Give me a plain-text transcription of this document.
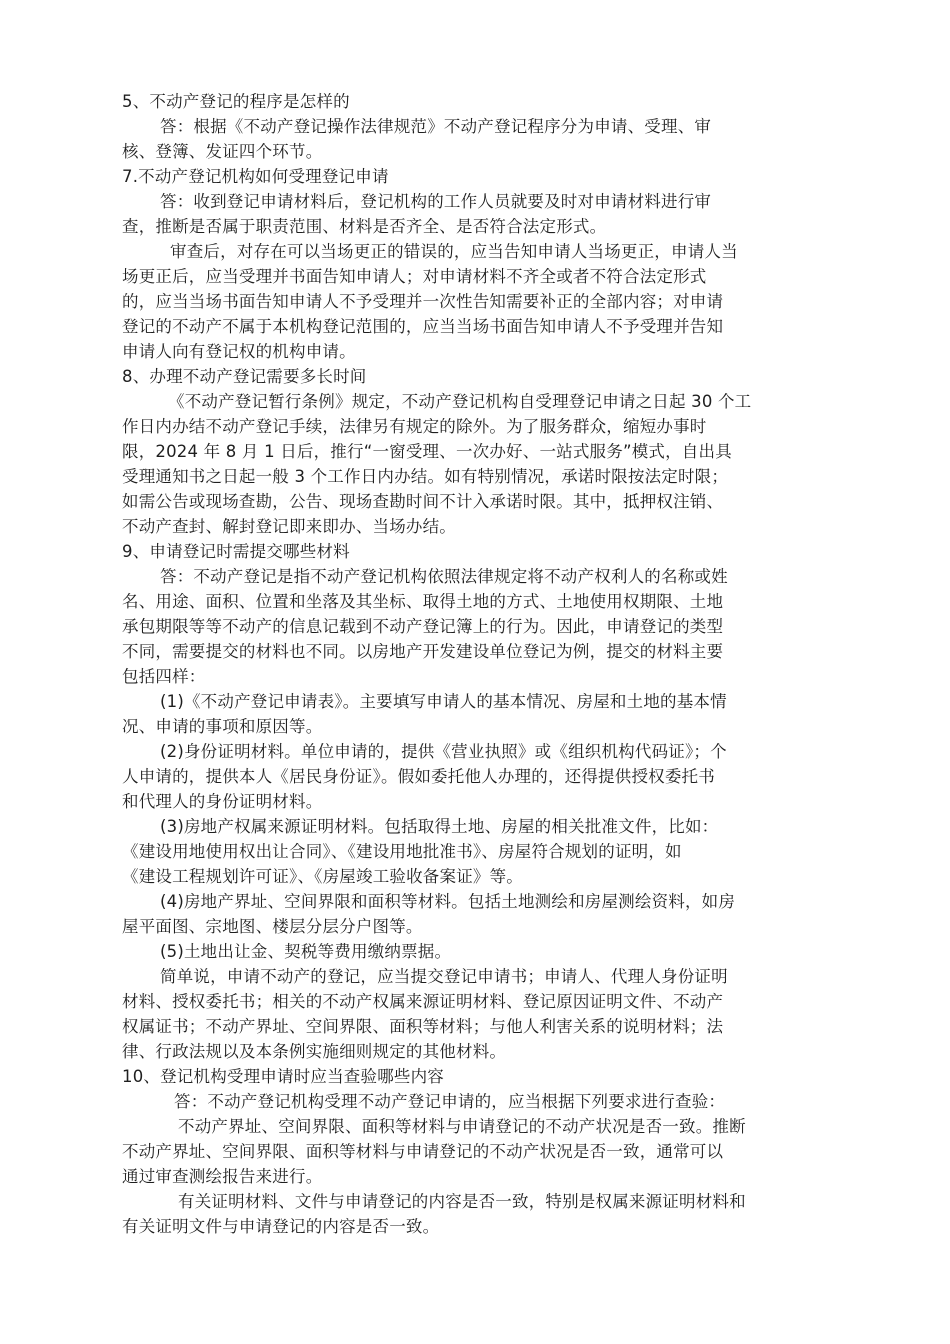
5、不动产登记的程序是怎样的
答：根据《不动产登记操作法律规范》不动产登记程序分为申请、受理、审
核、登簿、发证四个环节。
7.不动产登记机构如何受理登记申请
答：收到登记申请材料后，登记机构的工作人员就要及时对申请材料进行审
查，推断是否属于职责范围、材料是否齐全、是否符合法定形式。
审查后，对存在可以当场更正的错误的，应当告知申请人当场更正，申请人当
场更正后，应当受理并书面告知申请人；对申请材料不齐全或者不符合法定形式
的，应当当场书面告知申请人不予受理并一次性告知需要补正的全部内容；对申请
登记的不动产不属于本机构登记范围的，应当当场书面告知申请人不予受理并告知
申请人向有登记权的机构申请。
8、办理不动产登记需要多长时间
《不动产登记暂行条例》规定，不动产登记机构自受理登记申请之日起 30 个工
作日内办结不动产登记手续，法律另有规定的除外。为了服务群众，缩短办事时
限，2024 年 8 月 1 日后，推行“一窗受理、一次办好、一站式服务”模式，自出具
受理通知书之日起一般 3 个工作日内办结。如有特别情况，承诺时限按法定时限；
如需公告或现场查勘，公告、现场查勘时间不计入承诺时限。其中，抵押权注销、
不动产查封、解封登记即来即办、当场办结。
9、申请登记时需提交哪些材料
答：不动产登记是指不动产登记机构依照法律规定将不动产权利人的名称或姓
名、用途、面积、位置和坐落及其坐标、取得土地的方式、土地使用权期限、土地
承包期限等等不动产的信息记载到不动产登记簿上的行为。因此，申请登记的类型
不同，需要提交的材料也不同。以房地产开发建设单位登记为例，提交的材料主要
包括四样：
(1)《不动产登记申请表》。主要填写申请人的基本情况、房屋和土地的基本情
况、申请的事项和原因等。
(2)身份证明材料。单位申请的，提供《营业执照》或《组织机构代码证》；个
人申请的，提供本人《居民身份证》。假如委托他人办理的，还得提供授权委托书
和代理人的身份证明材料。
(3)房地产权属来源证明材料。包括取得土地、房屋的相关批准文件，比如：
《建设用地使用权出让合同》、《建设用地批准书》、房屋符合规划的证明，如
《建设工程规划许可证》、《房屋竣工验收备案证》等。
(4)房地产界址、空间界限和面积等材料。包括土地测绘和房屋测绘资料，如房
屋平面图、宗地图、楼层分层分户图等。
(5)土地出让金、契税等费用缴纳票据。
简单说，申请不动产的登记，应当提交登记申请书；申请人、代理人身份证明
材料、授权委托书；相关的不动产权属来源证明材料、登记原因证明文件、不动产
权属证书；不动产界址、空间界限、面积等材料；与他人利害关系的说明材料；法
律、行政法规以及本条例实施细则规定的其他材料。
10、登记机构受理申请时应当查验哪些内容
答：不动产登记机构受理不动产登记申请的，应当根据下列要求进行查验：
不动产界址、空间界限、面积等材料与申请登记的不动产状况是否一致。推断
不动产界址、空间界限、面积等材料与申请登记的不动产状况是否一致，通常可以
通过审查测绘报告来进行。
有关证明材料、文件与申请登记的内容是否一致，特别是权属来源证明材料和
有关证明文件与申请登记的内容是否一致。
